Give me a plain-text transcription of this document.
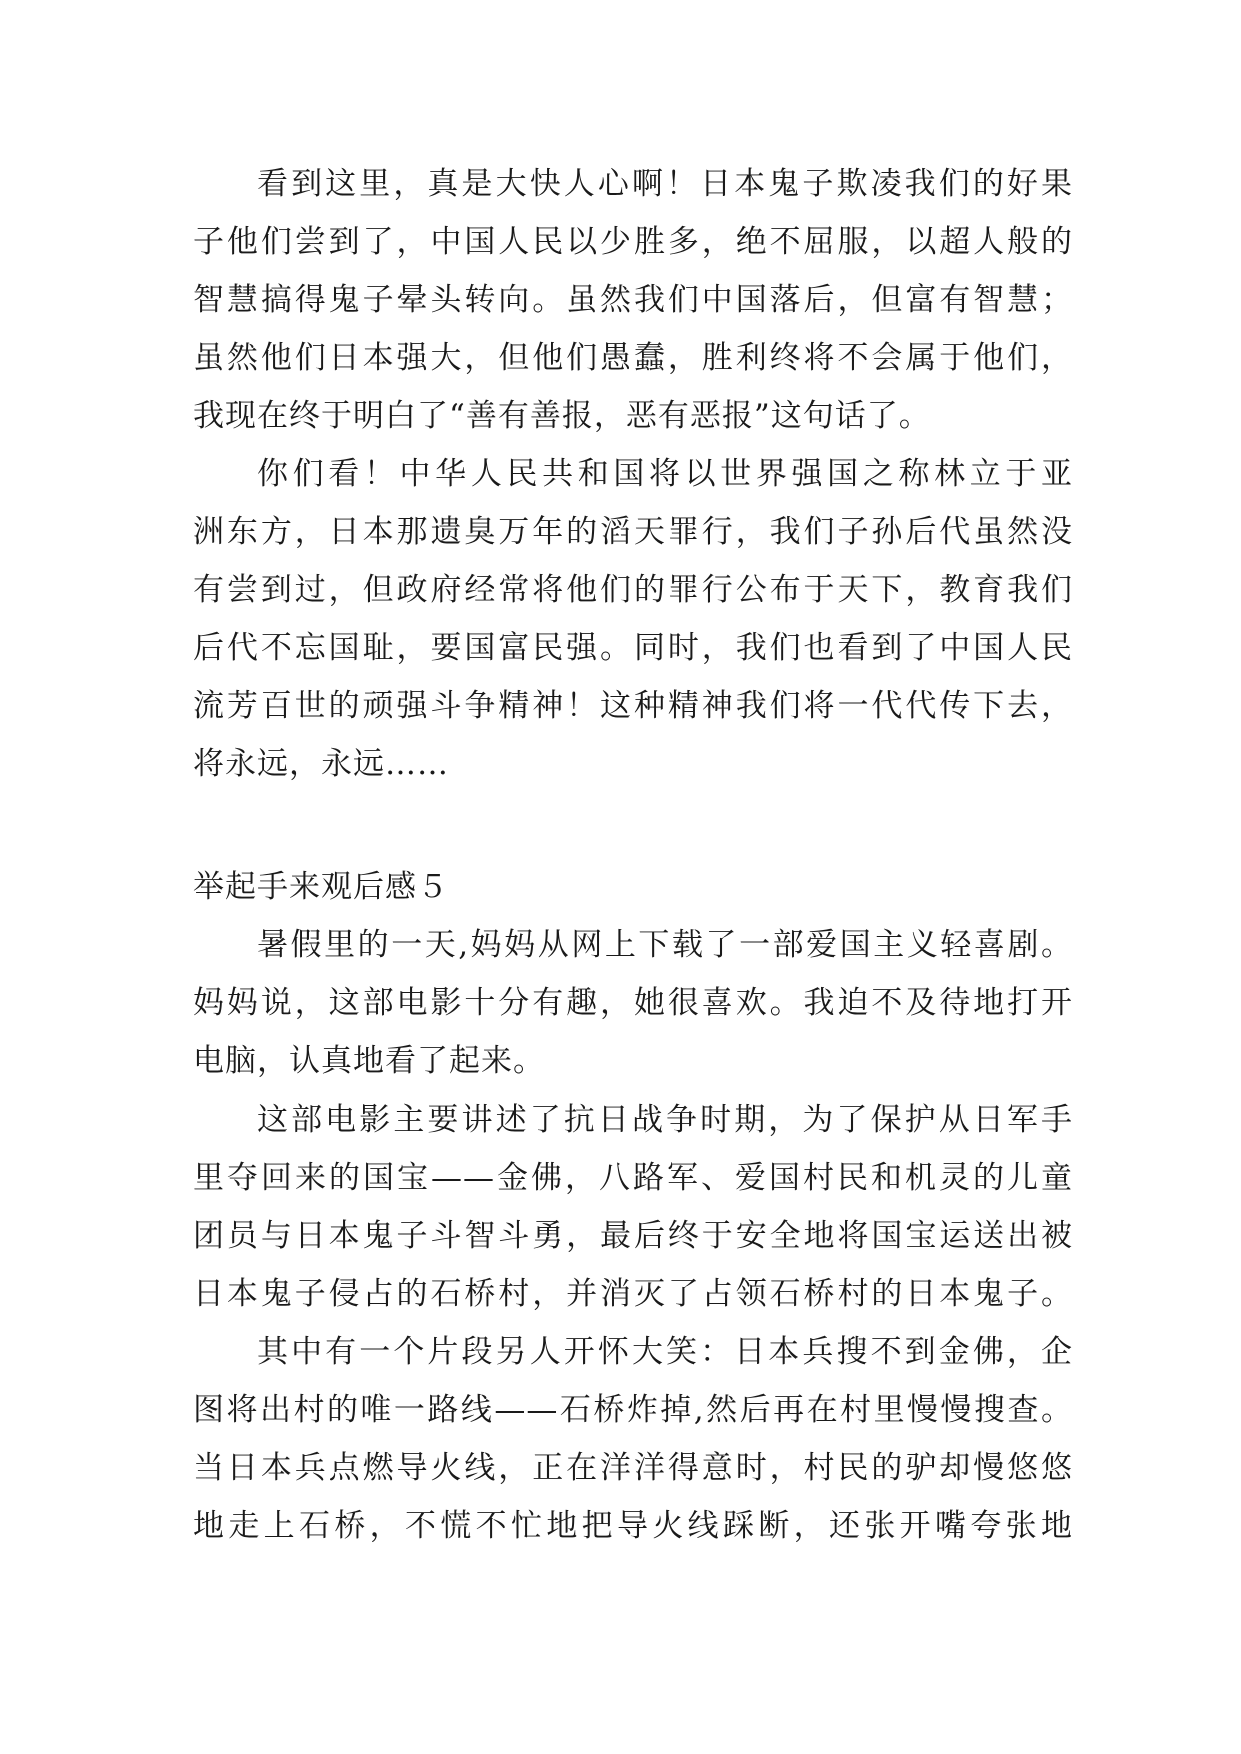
看到这里，真是大快人心啊！日本鬼子欺凌我们的好果
子他们尝到了，中国人民以少胜多，绝不屈服，以超人般的
智慧搞得鬼子晕头转向。虽然我们中国落后，但富有智慧；
虽然他们日本强大，但他们愚蠢，胜利终将不会属于他们，
我现在终于明白了“善有善报，恶有恶报”这句话了。
你们看！中华人民共和国将以世界强国之称林立于亚
洲东方，日本那遗臭万年的滔天罪行，我们子孙后代虽然没
有尝到过，但政府经常将他们的罪行公布于天下，教育我们
后代不忘国耻，要国富民强。同时，我们也看到了中国人民
流芳百世的顽强斗争精神！这种精神我们将一代代传下去，
将永远，永远……
举起手来观后感５
暑假里的一天,妈妈从网上下载了一部爱国主义轻喜剧。
妈妈说，这部电影十分有趣，她很喜欢。我迫不及待地打开
电脑，认真地看了起来。
这部电影主要讲述了抗日战争时期，为了保护从日军手
里夺回来的国宝——金佛，八路军、爱国村民和机灵的儿童
团员与日本鬼子斗智斗勇，最后终于安全地将国宝运送出被
日本鬼子侵占的石桥村，并消灭了占领石桥村的日本鬼子。
其中有一个片段另人开怀大笑：日本兵搜不到金佛，企
图将出村的唯一路线——石桥炸掉,然后再在村里慢慢搜查。
当日本兵点燃导火线，正在洋洋得意时，村民的驴却慢悠悠
地走上石桥，不慌不忙地把导火线踩断，还张开嘴夸张地
